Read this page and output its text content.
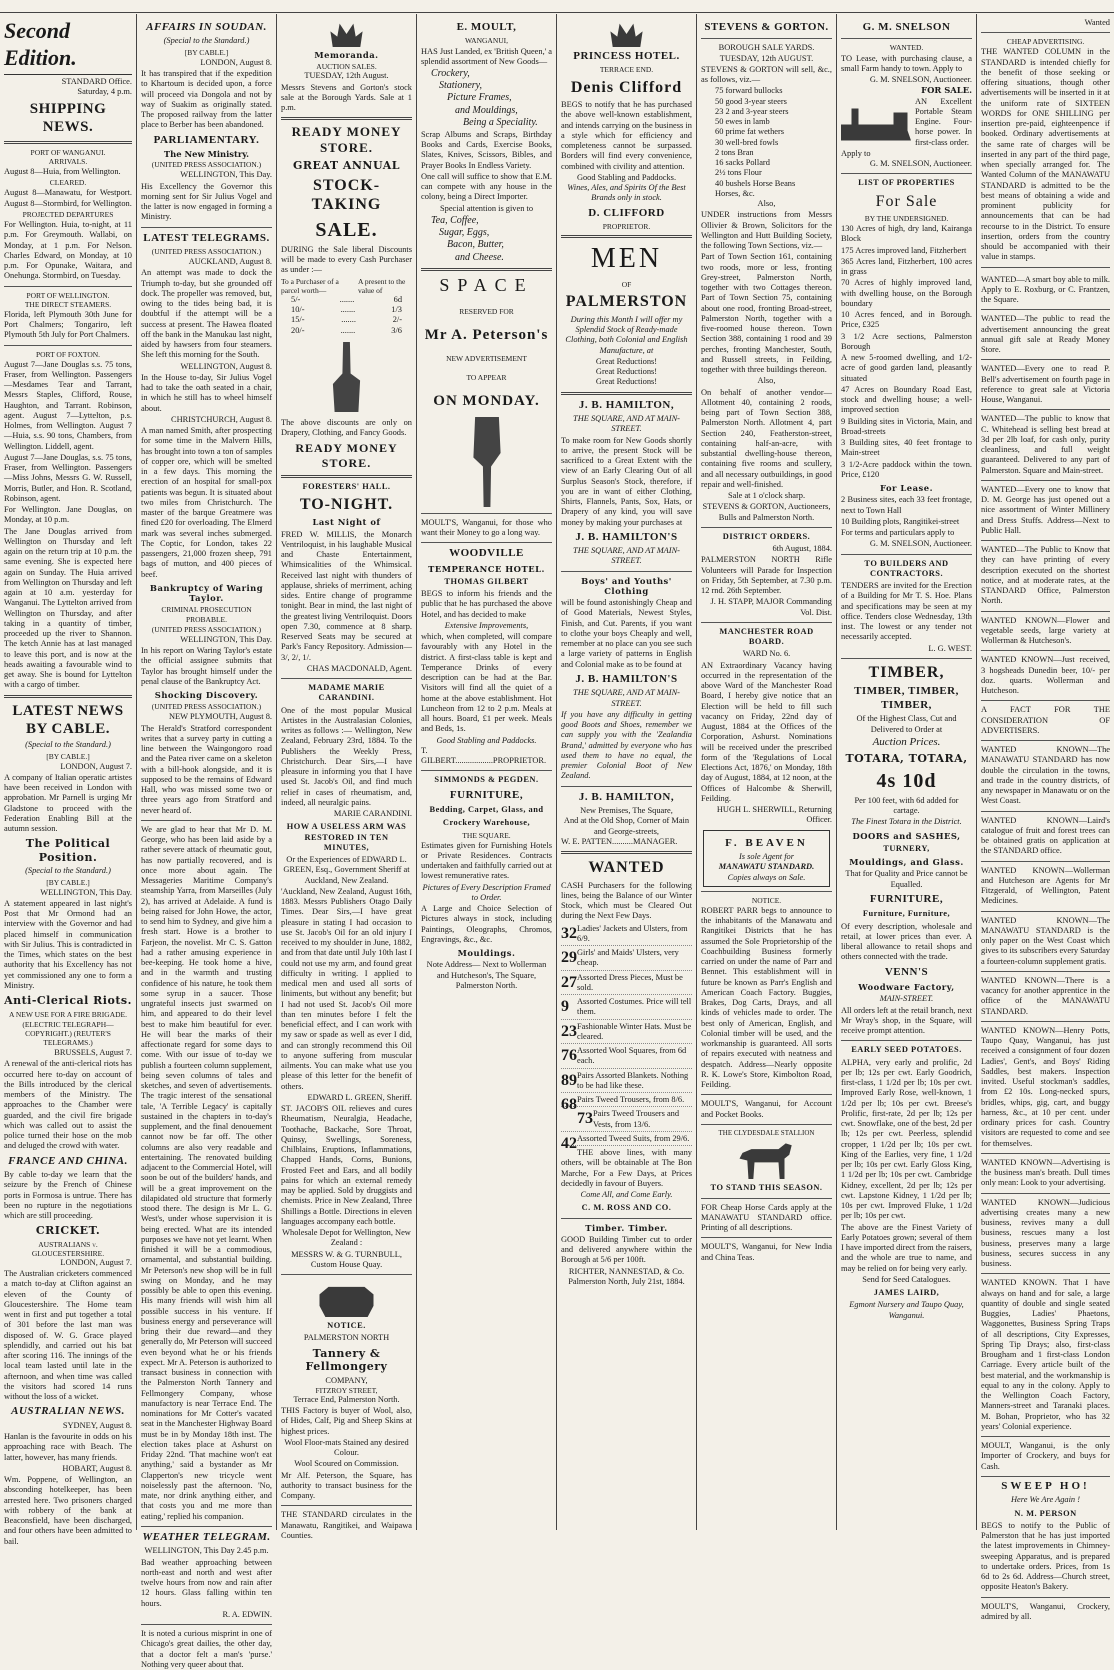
Second Edition.
STANDARD Office.
Saturday, 4 p.m.
SHIPPING NEWS.
PORT OF WANGANUI.
ARRIVALS.

August 8—Huia, from Wellington.

CLEARED.

August 8—Manawatu, for Westport. August 8—Stormbird, for Wellington.

PROJECTED DEPARTURES

For Wellington. Huia, to-night, at 11 p.m. For Greymouth. Wallabi, on Monday, at 1 p.m. For Nelson. Charles Edward, on Monday, at 10 p.m. For Opunake, Waitara, and Onehunga. Stormbird, on Tuesday.

PORT OF WELLINGTON.
THE DIRECT STEAMERS.

Florida, left Plymouth 30th June for Port Chalmers; Tongariro, left Plymouth 5th July for Port Chalmers.

PORT OF FOXTON.

August 7—Jane Douglas s.s. 75 tons, Fraser, from Wellington. Passengers—Mesdames Tear and Tarrant, Messrs Staples, Clifford, Rouse, Haughton, and Tarrant. Robinson, agent. August 7—Lyttelton, p.s. Holmes, from Wellington. August 7—Huia, s.s. 90 tons, Chambers, from Wellington. Liddell, agent.

August 7—Jane Douglas, s.s. 75 tons, Fraser, from Wellington. Passengers—Miss Johns, Messrs G. W. Russell, Morris, Butler, and Hon. R. Scotland, Robinson, agent.

For Wellington. Jane Douglas, on Monday, at 10 p.m.

The Jane Douglas arrived from Wellington on Thursday and left again on the return trip at 10 p.m. the same evening. She is expected here again on Sunday. The Huia arrived from Wellington on Thursday and left again at 10 a.m. yesterday for Wanganui. The Lyttelton arrived from Wellington on Thursday, and after taking in a quantity of timber, proceeded up the river to Shannon. The ketch Annie has at last managed to leave this port, and is now at the heads awaiting a favourable wind to get away. She is bound for Lyttelton with a cargo of timber.

LATEST NEWS BY CABLE.
(Special to the Standard.)
[BY CABLE.]
LONDON, August 7.

A company of Italian operatic artistes have been received in London with approbation. Mr Parnell is urging Mr Gladstone to proceed with the Federation Enabling Bill at the autumn session.

The Political Position.
(Special to the Standard.)
[BY CABLE.]
WELLINGTON, This Day.

A statement appeared in last night's Post that Mr Ormond had an interview with the Governor and had placed himself in communication with Sir Julius. This is contradicted in the Times, which states on the best authority that his Excellency has not yet commissioned any one to form a Ministry.

Anti-Clerical Riots.
A NEW USE FOR A FIRE BRIGADE.
(ELECTRIC TELEGRAPH—COPYRIGHT.) (REUTER'S TELEGRAMS.)
BRUSSELS, August 7.

A renewal of the anti-clerical riots has occurred here to-day on account of the Bills introduced by the clerical members of the Ministry. The approaches to the Chamber were guarded, and the civil fire brigade which was called out to assist the police turned their hose on the mob and deluged the crowd with water.

FRANCE AND CHINA.

By cable to-day we learn that the seizure by the French of Chinese ports in Formosa is untrue. There has been no rupture in the negotiations which are still proceeding.

CRICKET.
AUSTRALIANS v. GLOUCESTERSHIRE.
LONDON, August 7.

The Australian cricketers commenced a match to-day at Clifton against an eleven of the County of Gloucestershire. The Home team went in first and put together a total of 301 before the last man was disposed of. W. G. Grace played splendidly, and carried out his bat after scoring 116. The innings of the local team lasted until late in the afternoon, and when time was called the visitors had scored 14 runs without the loss of a wicket.

AUSTRALIAN NEWS.
SYDNEY, August 8.

Hanlan is the favourite in odds on his approaching race with Beach. The latter, however, has many friends.

HOBART, August 8.

Wm. Poppene, of Wellington, an absconding hotelkeeper, has been arrested here. Two prisoners charged with robbery of the bank at Beaconsfield, have been discharged, and four others have been admitted to bail.

AFFAIRS IN SOUDAN.
(Special to the Standard.)
[BY CABLE.]
LONDON, August 8.

It has transpired that if the expedition to Khartoum is decided upon, a force will proceed via Dongola and not by way of Suakim as originally stated. The proposed railway from the latter place to Berber has been abandoned.

PARLIAMENTARY.
The New Ministry.
(UNITED PRESS ASSOCIATION.)
WELLINGTON, This Day.

His Excellency the Governor this morning sent for Sir Julius Vogel and the latter is now engaged in forming a Ministry.

LATEST TELEGRAMS.
(UNITED PRESS ASSOCIATION.)
AUCKLAND, August 8.

An attempt was made to dock the Triumph to-day, but she grounded off dock. The propeller was removed, but, owing to the tides being bad, it is doubtful if the attempt will be a success at present. The Hawea floated off the bank in the Manukau last night, aided by hawsers from four steamers. She left this morning for the South.

WELLINGTON, August 8.

In the House to-day, Sir Julius Vogel had to take the oath seated in a chair, in which he still has to wheel himself about.

CHRISTCHURCH, August 8.

A man named Smith, after prospecting for some time in the Malvern Hills, has brought into town a ton of samples of copper ore, which will be smelted in a few days. This morning the erection of an hospital for small-pox patients was begun. It is situated about two miles from Christchurch. The master of the barque Greatmere was fined £20 for overloading. The Elmerd mark was several inches submerged. The Coptic, for London, takes 22 passengers, 21,000 frozen sheep, 791 bags of mutton, and 400 pieces of beef.

Bankruptcy of Waring Taylor.
CRIMINAL PROSECUTION PROBABLE.
(UNITED PRESS ASSOCIATION.)
WELLINGTON, This Day.

In his report on Waring Taylor's estate the official assignee submits that Taylor has brought himself under the penal clause of the Bankruptcy Act.

Shocking Discovery.
(UNITED PRESS ASSOCIATION.)
NEW PLYMOUTH, August 8.

The Herald's Stratford correspondent writes that a survey party in cutting a line between the Waingongoro road and the Patea river came on a skeleton with a bill-hook alongside, and it is supposed to be the remains of Edward Hall, who was missed some two or three years ago from Stratford and never heard of.

We are glad to hear that Mr D. M. George, who has been laid aside by a rather severe attack of rheumatic gout, has now partially recovered, and is once more about again. The Messageries Maritime Company's steamship Yarra, from Marseilles (July 2), has arrived at Adelaide. A fund is being raised for John Howe, the actor, to send him to Sydney, and give him a fresh start. Howe is a brother to Farjeon, the novelist. Mr C. S. Gatton had a rather amusing experience in bee-keeping. He took home a hive, and in the warmth and trusting confidence of his nature, he took them some syrup in a saucer. Those ungrateful insects just swarmed on him, and appeared to do their level best to make him beautiful for ever. He will bear the marks of their affectionate regard for some days to come. With our issue of to-day we publish a fourteen column supplement, being seven columns of tales and sketches, and seven of advertisements. The tragic interest of the sensational tale, 'A Terrible Legacy' is capitally sustained in the chapters in to-day's supplement, and the final denouement cannot now be far off. The other columns are also very readable and entertaining. The renovated building adjacent to the Commercial Hotel, will soon be out of the builders' hands, and will be a great improvement on the dilapidated old structure that formerly stood there. The design is Mr L. G. West's, under whose supervision it is being erected. What are its intended purposes we have not yet learnt. When finished it will be a commodious, ornamental, and substantial building. Mr Peterson's new shop will be in full swing on Monday, and he may possibly be able to open this evening. His many friends will wish him all possible success in his venture. If business energy and perseverance will bring their due reward—and they generally do, Mr Peterson will succeed even beyond what he or his friends expect. Mr A. Peterson is authorized to transact business in connection with the Palmerston North Tannery and Fellmongery Company, whose manufactory is near Terrace End. The nominations for Mr Cotter's vacated seat in the Manchester Highway Board must be in by Monday 18th inst. The election takes place at Ashurst on Friday 22nd. 'That machine won't eat anything,' said a bystander as Mr Clapperton's new tricycle went noiselessly past the afternoon. 'No, mate, nor drink anything either, and that costs you and me more than eating,' replied his companion.

WEATHER TELEGRAM.
WELLINGTON, This Day 2.45 p.m.

Bad weather approaching between north-east and north and west after twelve hours from now and rain after 12 hours. Glass falling within ten hours.

R. A. EDWIN.

It is noted a curious misprint in one of Chicago's great dailies, the other day, that a doctor felt a man's 'purse.' Nothing very queer about that.

Memoranda.
AUCTION SALES.
TUESDAY, 12th August.

Messrs Stevens and Gorton's stock sale at the Borough Yards. Sale at 1 p.m.

READY MONEY STORE.
GREAT ANNUAL
STOCK-TAKING
SALE.

DURING the Sale liberal Discounts will be made to every Cash Purchaser as under :—

To a Purchaser of a parcel worth—
A present to the value of
5/-	.......	6d
10/-	.......	1/3
15/-	.......	2/-
20/-	.......	3/6

The above discounts are only on Drapery, Clothing, and Fancy Goods.

READY MONEY STORE.
FORESTERS' HALL.
TO-NIGHT.
Last Night of

FRED W. MILLIS, the Monarch Ventriloquist, in his laughable Musical and Chaste Entertainment, Whimsicalities of the Whimsical. Received last night with thunders of applause, shrieks of merriment, aching sides. Entire change of programme tonight. Bear in mind, the last night of the greatest living Ventriloquist. Doors open 7.30, commence at 8 sharp. Reserved Seats may be secured at Park's Fancy Repository. Admission—3/, 2/, 1/.

CHAS MACDONALD, Agent.
MADAME MARIE CARANDINI.

One of the most popular Musical Artistes in the Australasian Colonies, writes as follows :— Wellington, New Zealand, February 23rd, 1884. To the Publishers the Weekly Press, Christchurch. Dear Sirs,—I have pleasure in informing you that I have used St. Jacob's Oil, and find much relief in cases of rheumatism, and, indeed, all neuralgic pains.

MARIE CARANDINI.
HOW A USELESS ARM WAS RESTORED IN TEN MINUTES,

Or the Experiences of EDWARD L. GREEN, Esq., Government Sheriff at Auckland, New Zealand.

'Auckland, New Zealand, August 16th, 1883. Messrs Publishers Otago Daily Times. Dear Sirs,—I have great pleasure in stating I had occasion to use St. Jacob's Oil for an old injury I received to my shoulder in June, 1882, and from that date until July 10th last I could not use my arm, and found great difficulty in writing. I applied to medical men and used all sorts of liniments, but without any benefit; but I had not used St. Jacob's Oil more than ten minutes before I felt the beneficial effect, and I can work with my saw or spade as well as ever I did, and can strongly recommend this Oil to anyone suffering from muscular ailments. You can make what use you please of this letter for the benefit of others.

EDWARD L. GREEN, Sheriff.

ST. JACOB'S OIL relieves and cures Rheumatism, Neuralgia, Headache, Toothache, Backache, Sore Throat, Quinsy, Swellings, Soreness, Chilblains, Eruptions, Inflammations, Chapped Hands, Corns, Bunions, Frosted Feet and Ears, and all bodily pains for which an external remedy may be applied. Sold by druggists and chemists. Price in New Zealand, Three Shillings a Bottle. Directions in eleven languages accompany each bottle.

Wholesale Depot for Wellington, New Zealand :

MESSRS W. & G. TURNBULL, Custom House Quay.

NOTICE.
PALMERSTON NORTH
Tannery & Fellmongery
COMPANY,
FITZROY STREET,
Terrace End, Palmerston North.

THIS Factory is buyer of Wool, also, of Hides, Calf, Pig and Sheep Skins at highest prices.

Wool Floor-mats Stained any desired Colour.

Wool Scoured on Commission.

Mr Alf. Peterson, the Square, has authority to transact business for the Company.

THE STANDARD circulates in the Manawatu, Rangitikei, and Waipawa Counties.

E. MOULT,
WANGANUI,

HAS Just Landed, ex 'British Queen,' a splendid assortment of New Goods—

Crockery,
Stationery,
Picture Frames,
and Mouldings,
Being a Speciality.

Scrap Albums and Scraps, Birthday Books and Cards, Exercise Books, Slates, Knives, Scissors, Bibles, and Prayer Books In Endless Variety.

One call will suffice to show that E.M. can compete with any house in the colony, being a Direct Importer.

Special attention is given to

Tea, Coffee,
Sugar, Eggs,
Bacon, Butter,
and Cheese.
SPACE
RESERVED FOR
Mr A. Peterson's
NEW ADVERTISEMENT
TO APPEAR
ON MONDAY.

MOULT'S, Wanganui, for those who want their Money to go a long way.

WOODVILLE
TEMPERANCE HOTEL.
THOMAS GILBERT

BEGS to inform his friends and the public that he has purchased the above Hotel, and has decided to make

Extensive Improvements,

which, when completed, will compare favourably with any Hotel in the district. A first-class table is kept and Temperance Drinks of every description can be had at the Bar. Visitors will find all the quiet of a home at the above establishment. Hot Luncheon from 12 to 2 p.m. Meals at all hours. Board, £1 per week. Meals and Beds, 1s.

Good Stabling and Paddocks.
T. GILBERT..................PROPRIETOR.
SIMMONDS & PEGDEN.
FURNITURE,
Bedding, Carpet, Glass, and
Crockery Warehouse,
THE SQUARE.

Estimates given for Furnishing Hotels or Private Residences. Contracts undertaken and faithfully carried out at lowest remunerative rates.

Pictures of Every Description Framed to Order.

A Large and Choice Selection of Pictures always in stock, including Paintings, Oleographs, Chromos, Engravings, &c., &c.

Mouldings.

Note Address— Next to Wollerman and Hutcheson's, The Square, Palmerston North.

PRINCESS HOTEL.
TERRACE END.
Denis Clifford

BEGS to notify that he has purchased the above well-known establishment, and intends carrying on the business in a style which for efficiency and completeness cannot be surpassed. Borders will find every convenience, combined with civility and attention.

Good Stabling and Paddocks.
Wines, Ales, and Spirits Of the Best Brands only in stock.
D. CLIFFORD
PROPRIETOR.
MEN
OF
PALMERSTON

During this Month I will offer my Splendid Stock of Ready-made Clothing, both Colonial and English Manufacture, at

Great Reductions!
Great Reductions!
Great Reductions!
J. B. HAMILTON,
THE SQUARE, AND AT MAIN-STREET.

To make room for New Goods shortly to arrive, the present Stock will be sacrificed to a Great Extent with the view of an Early Clearing Out of all Surplus Season's Stock, therefore, if you are in want of either Clothing, Shirts, Flannels, Pants, Sox, Hats, or Drapery of any kind, you will save money by making your purchases at

J. B. HAMILTON'S
THE SQUARE, AND AT MAIN-STREET.
Boys' and Youths' Clothing

will be found astonishingly Cheap and of Good Materials, Newest Styles, Finish, and Cut. Parents, if you want to clothe your boys Cheaply and well, remember at no place can you see such a large variety of patterns in English and Colonial make as to be found at

J. B. HAMILTON'S
THE SQUARE, AND AT MAIN-STREET.

If you have any difficulty in getting good Boots and Shoes, remember we can supply you with the 'Zealandia Brand,' admitted by everyone who has used them to have no equal, the premier Colonial Boot of New Zealand.

J. B. HAMILTON,
New Premises, The Square,
And at the Old Shop, Corner of Main and George-streets,
W. E. PATTEN..........MANAGER.
WANTED

CASH Purchasers for the following lines, being the Balance of our Winter Stock, which must be Cleared Out during the Next Few Days.

32 Ladies' Jackets and Ulsters, from 6/9.
29 Girls' and Maids' Ulsters, very cheap.
27 Assorted Dress Pieces, Must be sold.
9 Assorted Costumes. Price will tell them.
23 Fashionable Winter Hats. Must be cleared.
76 Assorted Wool Squares, from 6d each.
89 Pairs Assorted Blankets. Nothing to be had like these.
68 Pairs Tweed Trousers, from 8/6.
73 Pairs Tweed Trousers and Vests, from 13/6.
42 Assorted Tweed Suits, from 29/6.

THE above lines, with many others, will be obtainable at The Bon Marche, For a Few Days, at Prices decidedly in favour of Buyers.

Come All, and Come Early.
C. M. ROSS AND CO.
Timber. Timber.

GOOD Building Timber cut to order and delivered anywhere within the Borough at 5/6 per 100ft.

RICHTER, NANNESTAD, & Co. Palmerston North, July 21st, 1884.

STEVENS & GORTON.
BOROUGH SALE YARDS.
TUESDAY, 12th AUGUST.

STEVENS & GORTON will sell, &c., as follows, viz.—

75 forward bullocks
50 good 3-year steers
23 2 and 3-year steers
50 ewes in lamb
60 prime fat wethers
30 well-bred fowls
2 tons Bran
16 sacks Pollard
2½ tons Flour
40 bushels Horse Beans
Horses, &c.
Also,

UNDER instructions from Messrs Ollivier & Brown, Solicitors for the Wellington and Hutt Building Society, the following Town Sections, viz.—

Part of Town Section 161, containing two roods, more or less, fronting Grey-street, Palmerston North, together with two Cottages thereon. Part of Town Section 75, containing about one rood, fronting Broad-street, Palmerston North, together with a five-roomed house thereon. Town Section 388, containing 1 rood and 39 perches, fronting Manchester, South, and Russell streets, in Feilding, together with three buildings thereon.

Also,

On behalf of another vendor— Allotment 40, containing 2 roods, being part of Town Section 388, Palmerston North. Allotment 4, part Section 240, Featherston-street, containing half-an-acre, with substantial dwelling-house thereon, containing five rooms and scullery, and all necessary outbuildings, in good repair and well-finished.

Sale at 1 o'clock sharp.

STEVENS & GORTON, Auctioneers, Bulls and Palmerston North.

DISTRICT ORDERS.
6th August, 1884.

PALMERSTON NORTH Rifle Volunteers will Parade for Inspection on Friday, 5th September, at 7.30 p.m. 12 rnd. 26th September.

J. H. STAPP, MAJOR Commanding Vol. Dist.
MANCHESTER ROAD BOARD.
WARD No. 6.

AN Extraordinary Vacancy having occurred in the representation of the above Ward of the Manchester Road Board, I hereby give notice that an Election will be held to fill such vacancy on Friday, 22nd day of August, 1884 at the Offices of the Corporation, Ashurst. Nominations will be received under the prescribed form of the 'Regulations of Local Elections Act, 1876,' on Monday, 18th day of August, 1884, at 12 noon, at the Offices of Halcombe & Sherwill, Feilding.

HUGH L. SHERWILL, Returning Officer.
F. BEAVEN
Is sole Agent for
MANAWATU STANDARD.
Copies always on Sale.
NOTICE.

ROBERT PARR begs to announce to the inhabitants of the Manawatu and Rangitikei Districts that he has assumed the Sole Proprietorship of the Coachbuilding Business formerly carried on under the name of Parr and Bennet. This establishment will in future be known as Parr's English and American Coach Factory. Buggies, Brakes, Dog Carts, Drays, and all kinds of vehicles made to order. The best only of American, English, and Colonial timber will be used, and the workmanship is guaranteed. All sorts of repairs executed with neatness and despatch. Address—Nearly opposite R. K. Lowe's Store, Kimbolton Road, Feilding.

MOULT'S, Wanganui, for Account and Pocket Books.

THE CLYDESDALE STALLION
TO STAND THIS SEASON.

FOR Cheap Horse Cards apply at the MANAWATU STANDARD office. Printing of all descriptions.

MOULT'S, Wanganui, for New India and China Teas.

G. M. SNELSON
WANTED.

TO Lease, with purchasing clause, a small Farm handy to town. Apply to

G. M. SNELSON, Auctioneer.
FOR SALE.

AN Excellent Portable Steam Engine. Four-horse power. In first-class order.

Apply to
G. M. SNELSON, Auctioneer.
LIST OF PROPERTIES
For Sale
BY THE UNDERSIGNED.

130 Acres of high, dry land, Kairanga Block

175 Acres improved land, Fitzherbert

365 Acres land, Fitzherbert, 100 acres in grass

70 Acres of highly improved land, with dwelling house, on the Borough boundary

10 Acres fenced, and in Borough. Price, £325

3 1/2 Acre sections, Palmerston Borough

A new 5-roomed dwelling, and 1/2-acre of good garden land, pleasantly situated

47 Acres on Boundary Road East, stock and dwelling house; a well-improved section

9 Building sites in Victoria, Main, and Broad-streets

3 Building sites, 40 feet frontage to Main-street

3 1/2-Acre paddock within the town. Price, £120

For Lease.

2 Business sites, each 33 feet frontage, next to Town Hall

10 Building plots, Rangitikei-street

For terms and particulars apply to

G. M. SNELSON, Auctioneer.
TO BUILDERS AND CONTRACTORS.

TENDERS are invited for the Erection of a Building for Mr T. S. Hoe. Plans and specifications may be seen at my office. Tenders close Wednesday, 13th inst. The lowest or any tender not necessarily accepted.

L. G. WEST.
TIMBER,
TIMBER, TIMBER, TIMBER,

Of the Highest Class, Cut and Delivered to Order at

Auction Prices.
TOTARA, TOTARA,
4s 10d

Per 100 feet, with 6d added for cartage.

The Finest Totara in the District.
DOORS and SASHES,
TURNERY,
Mouldings, and Glass.

That for Quality and Price cannot be Equalled.

FURNITURE,
Furniture, Furniture,

Of every description, wholesale and retail, at lower prices than ever. A liberal allowance to retail shops and others connected with the trade.

VENN'S
Woodware Factory,
MAIN-STREET.

All orders left at the retail branch, next Mr Wray's shop, in the Square, will receive prompt attention.

EARLY SEED POTATOES.

ALPHA, very early and prolific, 2d per lb; 12s per cwt. Early Goodrich, first-class, 1 1/2d per lb; 10s per cwt. Improved Early Rose, well-known, 1 1/2d per lb; 10s per cwt. Breese's Prolific, first-rate, 2d per lb; 12s per cwt. Snowflake, one of the best, 2d per lb; 12s per cwt. Peerless, splendid cropper, 1 1/2d per lb; 10s per cwt. King of the Earlies, very fine, 1 1/2d per lb; 10s per cwt. Early Gloss King, 1 1/2d per lb; 10s per cwt. Cambridge Kidney, excellent, 2d per lb; 12s per cwt. Lapstone Kidney, 1 1/2d per lb; 10s per cwt. Improved Fluke, 1 1/2d per lb; 10s per cwt.

The above are the Finest Variety of Early Potatoes grown; several of them I have imported direct from the raisers, and the whole are true to name, and may be relied on for being very early.

Send for Seed Catalogues.
JAMES LAIRD,
Egmont Nursery and Taupo Quay, Wanganui.
Wanted
CHEAP ADVERTISING.

THE WANTED COLUMN in the STANDARD is intended chiefly for the benefit of those seeking or offering situations, though other advertisements will be inserted in it at the uniform rate of SIXTEEN WORDS for ONE SHILLING per insertion pre-paid, eighteenpence if booked. Ordinary advertisements at the same rate of charges will be inserted in any part of the third page, when specially arranged for. The Wanted Column of the MANAWATU STANDARD is admitted to be the best means of obtaining a wide and prominent publicity for announcements that can be had recourse to in the District. To ensure insertion, orders from the country should be accompanied with their value in stamps.

WANTED—A smart boy able to milk. Apply to E. Roxburg, or C. Frantzen, the Square.

WANTED—The public to read the advertisement announcing the great annual gift sale at Ready Money Store.

WANTED—Every one to read P. Bell's advertisement on fourth page in reference to great sale at Victoria House, Wanganui.

WANTED—The public to know that C. Whitehead is selling best bread at 3d per 2lb loaf, for cash only, purity cleanliness, and full weight guaranteed. Delivered to any part of Palmerston. Square and Main-street.

WANTED—Every one to know that D. M. George has just opened out a nice assortment of Winter Millinery and Dress Stuffs. Address—Next to Public Hall.

WANTED—The Public to Know that they can have printing of every description executed on the shortest notice, and at moderate rates, at the STANDARD Office, Palmerston North.

WANTED KNOWN—Flower and vegetable seeds, large variety at Wollerman & Hutcheson's.

WANTED KNOWN—Just received, 3 hogsheads Dunedin beer, 10/- per doz. quarts. Wollerman and Hutcheson.

A FACT FOR THE CONSIDERATION OF ADVERTISERS.

WANTED KNOWN—The MANAWATU STANDARD has now double the circulation in the towns, and trade in the country districts, of any newspaper in Manawatu or on the West Coast.

WANTED KNOWN—Laird's catalogue of fruit and forest trees can be obtained gratis on application at the STANDARD office.

WANTED KNOWN—Wollerman and Hutcheson are Agents for Mr Fitzgerald, of Wellington, Patent Medicines.

WANTED KNOWN—The MANAWATU STANDARD is the only paper on the West Coast which gives to its subscribers every Saturday a fourteen-column supplement gratis.

WANTED KNOWN—There is a vacancy for another apprentice in the office of the MANAWATU STANDARD.

WANTED KNOWN—Henry Potts, Taupo Quay, Wanganui, has just received a consignment of four dozen Ladies', Gent's, and Boys' Riding Saddles, best makers. Inspection invited. Useful stockman's saddles, from £2 10s. Long-necked spurs, bridles, whips, gig, cart, and buggy harness, &c., at 10 per cent. under ordinary prices for cash. Country visitors are requested to come and see for themselves.

WANTED KNOWN—Advertising is the business man's breath. Dull times only mean: Look to your advertising.

WANTED KNOWN—Judicious advertising creates many a new business, revives many a dull business, rescues many a lost business, preserves many a large business, secures success in any business.

WANTED KNOWN. That I have always on hand and for sale, a large quantity of double and single seated Buggies, Ladies' Phaetons, Waggonettes, Business Spring Traps of all descriptions, City Expresses, Spring Tip Drays; also, first-class Brougham and 1 first-class London Carriage. Every article built of the best material, and the workmanship is equal to any in the colony. Apply to the Wellington Coach Factory, Manners-street and Taranaki places. M. Bohan, Proprietor, who has 32 years' Colonial experience.

MOULT, Wanganui, is the only Importer of Crockery, and buys for Cash.

SWEEP HO!
Here We Are Again !
N. M. PERSON

BEGS to notify to the Public of Palmerston that he has just imported the latest improvements in Chimney-sweeping Apparatus, and is prepared to undertake orders. Prices, from 1s 6d to 2s 6d. Address—Church street, opposite Heaton's Bakery.

MOULT'S, Wanganui, Crockery, admired by all.
